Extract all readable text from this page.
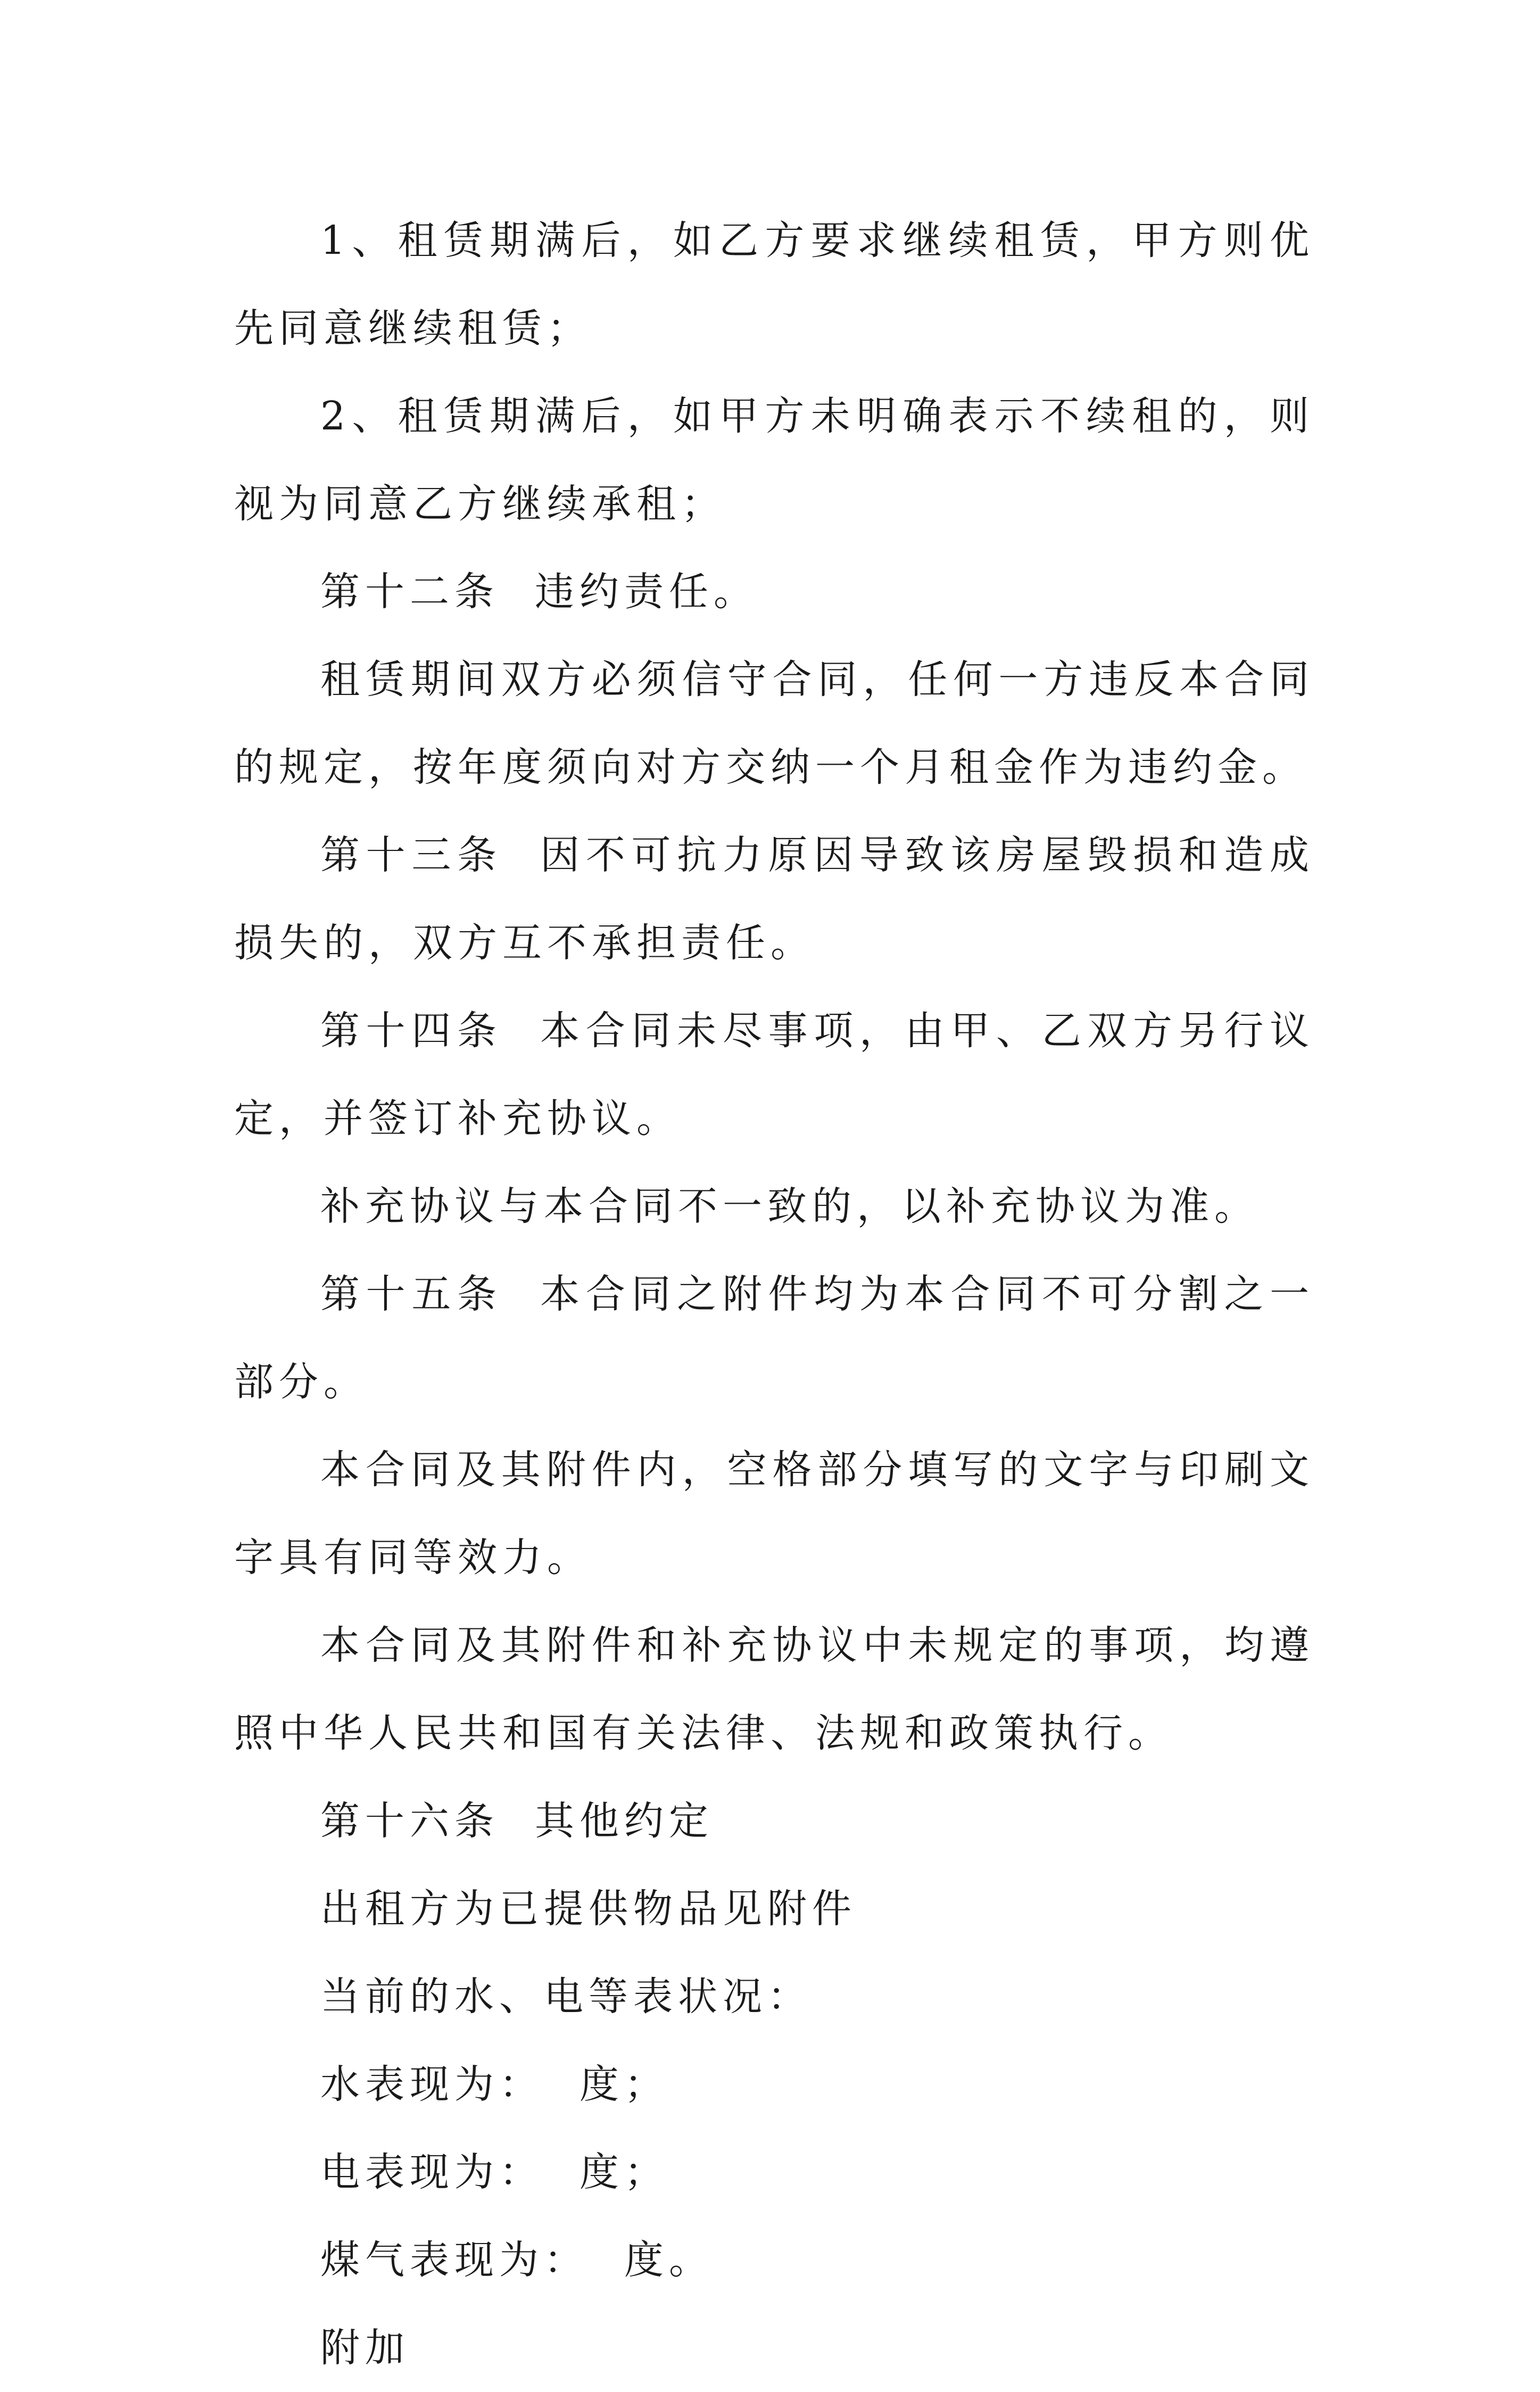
1、租赁期满后，如乙方要求继续租赁，甲方则优先同意继续租赁；

2、租赁期满后，如甲方未明确表示不续租的，则视为同意乙方继续承租；

第十二条  违约责任。

租赁期间双方必须信守合同，任何一方违反本合同的规定，按年度须向对方交纳一个月租金作为违约金。

第十三条  因不可抗力原因导致该房屋毁损和造成损失的，双方互不承担责任。

第十四条  本合同未尽事项，由甲、乙双方另行议定，并签订补充协议。

补充协议与本合同不一致的，以补充协议为准。

第十五条  本合同之附件均为本合同不可分割之一部分。

本合同及其附件内，空格部分填写的文字与印刷文字具有同等效力。

本合同及其附件和补充协议中未规定的事项，均遵照中华人民共和国有关法律、法规和政策执行。

第十六条  其他约定

出租方为已提供物品见附件

当前的水、电等表状况：

水表现为：  度；

电表现为：  度；

煤气表现为：  度。

附加
